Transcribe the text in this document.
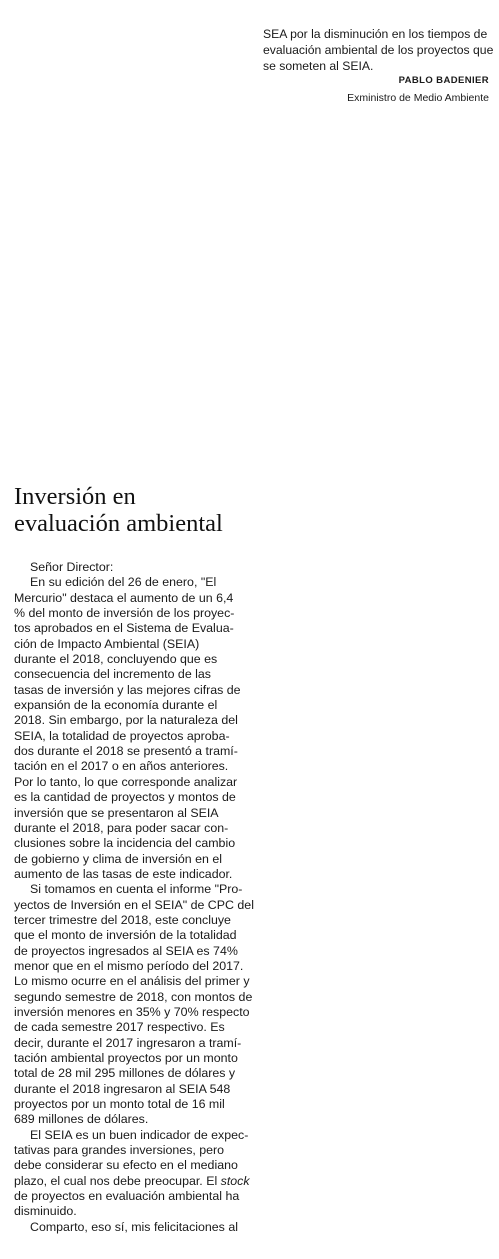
SEA por la disminución en los tiempos de
evaluación ambiental de los proyectos que
se someten al SEIA.
PABLO BADENIER
Exministro de Medio Ambiente
Inversión en
evaluación ambiental
Señor Director:
En su edición del 26 de enero, "El
Mercurio" destaca el aumento de un 6,4
% del monto de inversión de los proyec-
tos aprobados en el Sistema de Evalua-
ción de Impacto Ambiental (SEIA)
durante el 2018, concluyendo que es
consecuencia del incremento de las
tasas de inversión y las mejores cifras de
expansión de la economía durante el
2018. Sin embargo, por la naturaleza del
SEIA, la totalidad de proyectos aproba-
dos durante el 2018 se presentó a tramí-
tación en el 2017 o en años anteriores.
Por lo tanto, lo que corresponde analizar
es la cantidad de proyectos y montos de
inversión que se presentaron al SEIA
durante el 2018, para poder sacar con-
clusiones sobre la incidencia del cambio
de gobierno y clima de inversión en el
aumento de las tasas de este indicador.
Si tomamos en cuenta el informe "Pro-
yectos de Inversión en el SEIA" de CPC del
tercer trimestre del 2018, este concluye
que el monto de inversión de la totalidad
de proyectos ingresados al SEIA es 74%
menor que en el mismo período del 2017.
Lo mismo ocurre en el análisis del primer y
segundo semestre de 2018, con montos de
inversión menores en 35% y 70% respecto
de cada semestre 2017 respectivo. Es
decir, durante el 2017 ingresaron a tramí-
tación ambiental proyectos por un monto
total de 28 mil 295 millones de dólares y
durante el 2018 ingresaron al SEIA 548
proyectos por un monto total de 16 mil
689 millones de dólares.
El SEIA es un buen indicador de expec-
tativas para grandes inversiones, pero
debe considerar su efecto en el mediano
plazo, el cual nos debe preocupar. El stock
de proyectos en evaluación ambiental ha
disminuido.
Comparto, eso sí, mis felicitaciones al
